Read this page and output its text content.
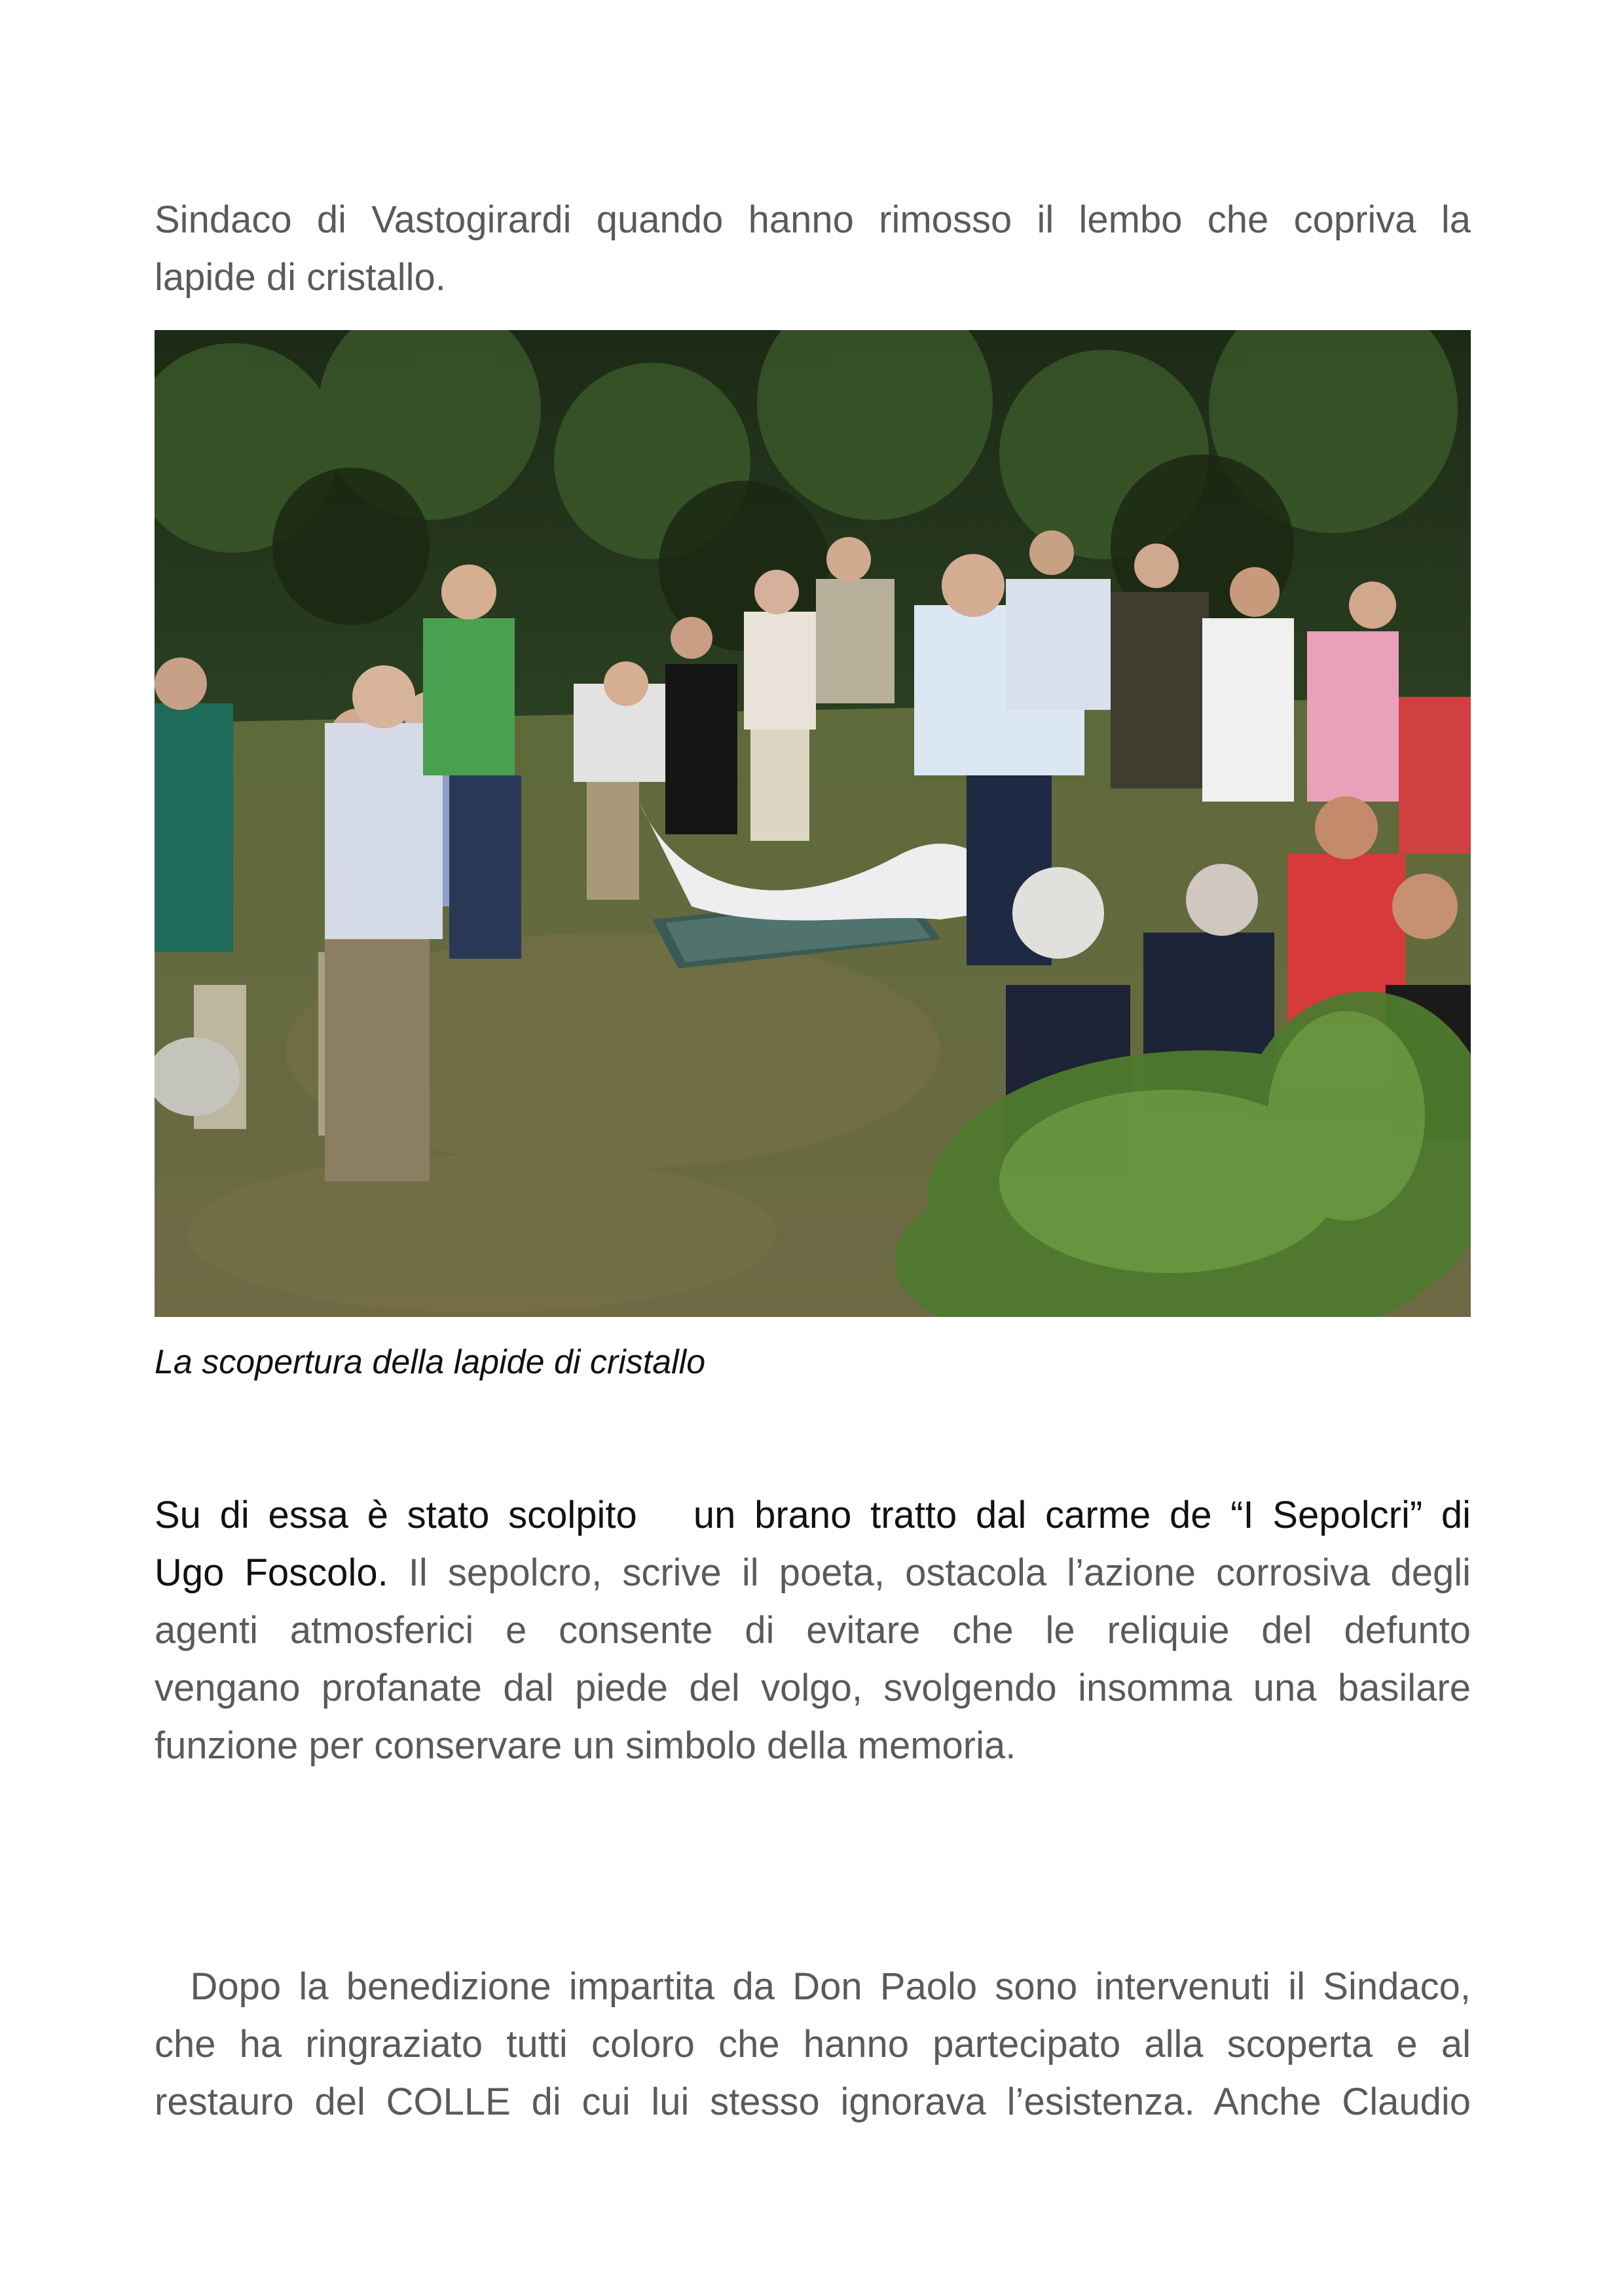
Sindaco di Vastogirardi quando hanno rimosso il lembo che copriva la
lapide di cristallo.

La scopertura della lapide di cristallo

Su di essa è stato scolpito   un brano tratto dal carme de “I Sepolcri” di
Ugo Foscolo. Il sepolcro, scrive il poeta, ostacola l’azione corrosiva degli
agenti atmosferici e consente di evitare che le reliquie del defunto
vengano profanate dal piede del volgo, svolgendo insomma una basilare
funzione per conservare un simbolo della memoria.

Dopo la benedizione impartita da Don Paolo sono intervenuti il Sindaco,
che ha ringraziato tutti coloro che hanno partecipato alla scoperta e al
restauro del COLLE di cui lui stesso ignorava l’esistenza. Anche Claudio
